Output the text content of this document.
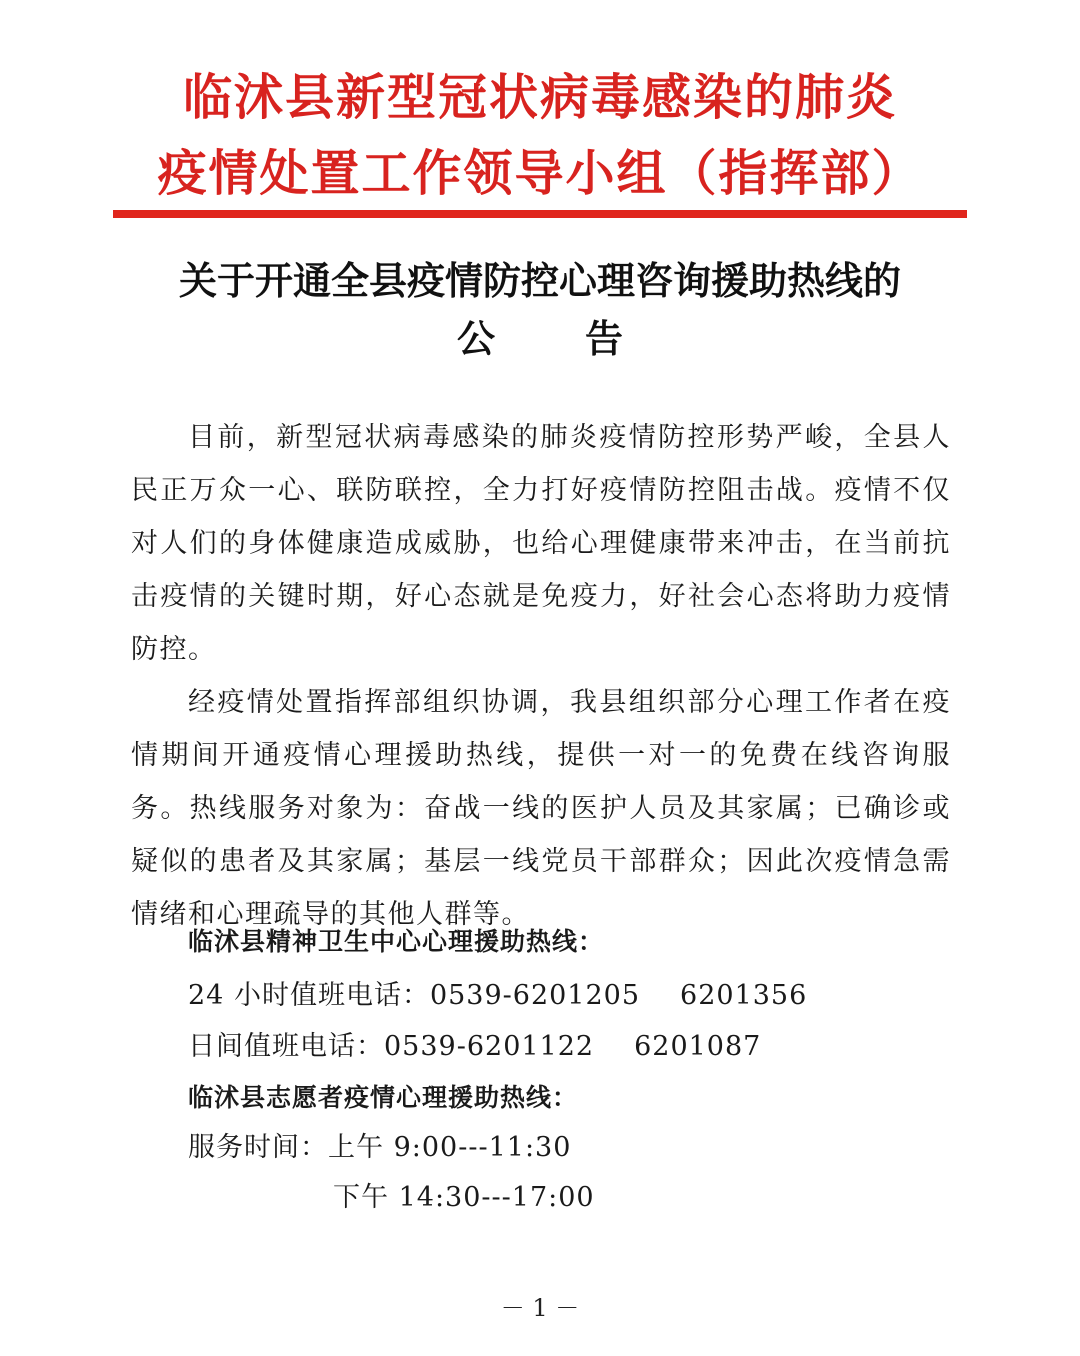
临沭县新型冠状病毒感染的肺炎
疫情处置工作领导小组（指挥部）
关于开通全县疫情防控心理咨询援助热线的
公告

目前，新型冠状病毒感染的肺炎疫情防控形势严峻，全县人民正万众一心、联防联控，全力打好疫情防控阻击战。疫情不仅对人们的身体健康造成威胁，也给心理健康带来冲击，在当前抗击疫情的关键时期，好心态就是免疫力，好社会心态将助力疫情防控。

经疫情处置指挥部组织协调，我县组织部分心理工作者在疫情期间开通疫情心理援助热线，提供一对一的免费在线咨询服务。热线服务对象为：奋战一线的医护人员及其家属；已确诊或疑似的患者及其家属；基层一线党员干部群众；因此次疫情急需情绪和心理疏导的其他人群等。

临沭县精神卫生中心心理援助热线：
24 小时值班电话：0539-6201205 6201356
日间值班电话：0539-6201122 6201087
临沭县志愿者疫情心理援助热线：
服务时间：上午 9:00---11:30
下午 14:30---17:00
－ 1 －
